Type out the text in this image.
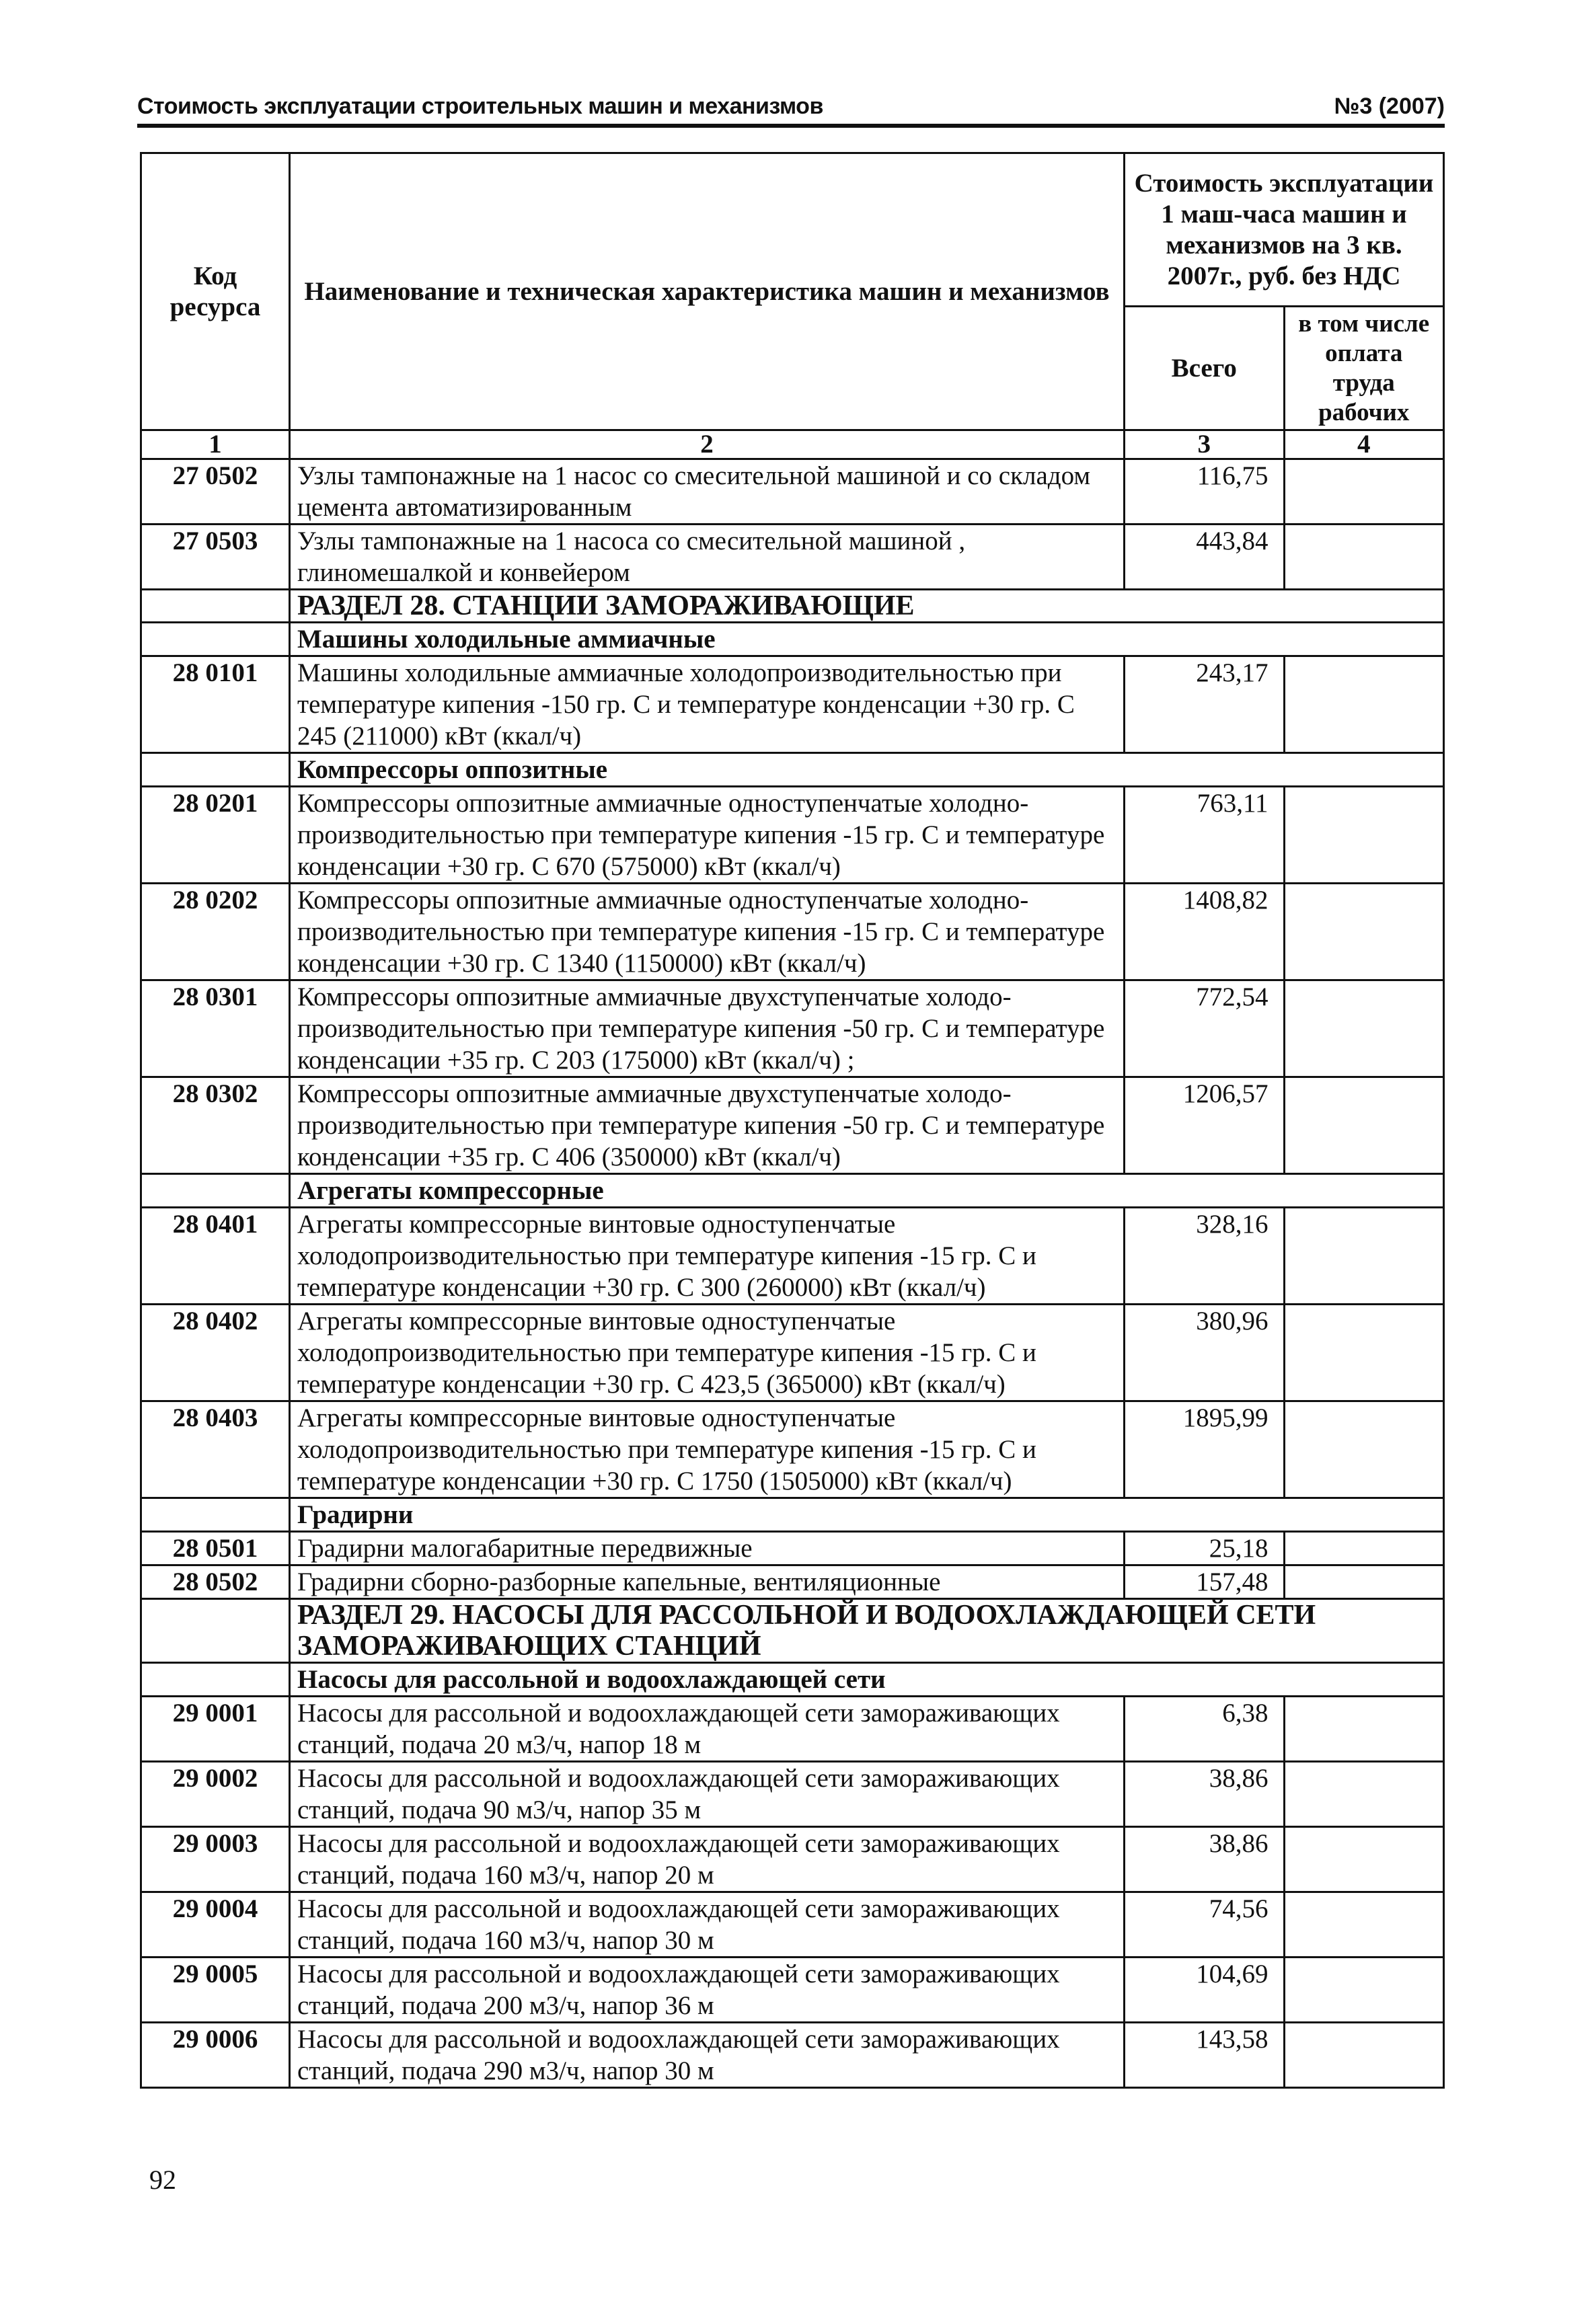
Стоимость эксплуатации строительных машин и механизмов	№3 (2007)
Код ресурса	Наименование и техническая характеристика машин и механизмов	Стоимость эксплуатации 1 маш-часа машин и механизмов на 3 кв. 2007г., руб. без НДС	
		Всего	в том числе оплата труда рабочих
1	2	3	4
27 0502	Узлы тампонажные на 1 насос со смесительной машиной и со складом цемента автоматизированным	116,75	
27 0503	Узлы тампонажные на 1 насоса со смесительной машиной , глиномешалкой и конвейером	443,84	
	РАЗДЕЛ 28. СТАНЦИИ ЗАМОРАЖИВАЮЩИЕ		
	Машины холодильные аммиачные		
28 0101	Машины холодильные аммиачные холодопроизводительностью при температуре кипения -150 гр. С и температуре конденсации +30 гр. С 245 (211000) кВт (ккал/ч)	243,17	
	Компрессоры оппозитные		
28 0201	Компрессоры оппозитные аммиачные одноступенчатые холодно-производительностью при температуре кипения -15 гр. С и температуре конденсации +30 гр. С 670 (575000) кВт (ккал/ч)	763,11	
28 0202	Компрессоры оппозитные аммиачные одноступенчатые холодно-производительностью при температуре кипения -15 гр. С и температуре конденсации +30 гр. С 1340 (1150000) кВт (ккал/ч)	1408,82	
28 0301	Компрессоры оппозитные аммиачные двухступенчатые холодо-производительностью при температуре кипения -50 гр. С и температуре конденсации +35 гр. С 203 (175000) кВт (ккал/ч) ;	772,54	
28 0302	Компрессоры оппозитные аммиачные двухступенчатые холодо-производительностью при температуре кипения -50 гр. С и температуре конденсации +35 гр. С 406 (350000) кВт (ккал/ч)	1206,57	
	Агрегаты компрессорные		
28 0401	Агрегаты компрессорные винтовые одноступенчатые холодопроизводительностью при температуре кипения -15 гр. С и температуре конденсации +30 гр. С 300 (260000) кВт (ккал/ч)	328,16	
28 0402	Агрегаты компрессорные винтовые одноступенчатые холодопроизводительностью при температуре кипения -15 гр. С и температуре конденсации +30 гр. С 423,5 (365000) кВт (ккал/ч)	380,96	
28 0403	Агрегаты компрессорные винтовые одноступенчатые холодопроизводительностью при температуре кипения -15 гр. С и температуре конденсации +30 гр. С 1750 (1505000) кВт (ккал/ч)	1895,99	
	Градирни		
28 0501	Градирни малогабаритные передвижные	25,18	
28 0502	Градирни сборно-разборные капельные, вентиляционные	157,48	
	РАЗДЕЛ 29. НАСОСЫ ДЛЯ РАССОЛЬНОЙ И ВОДООХЛАЖДАЮЩЕЙ СЕТИ ЗАМОРАЖИВАЮЩИХ СТАНЦИЙ		
	Насосы для рассольной и водоохлаждающей сети		
29 0001	Насосы для рассольной и водоохлаждающей сети замораживающих станций, подача 20 м3/ч, напор 18 м	6,38	
29 0002	Насосы для рассольной и водоохлаждающей сети замораживающих станций, подача 90 м3/ч, напор 35 м	38,86	
29 0003	Насосы для рассольной и водоохлаждающей сети замораживающих станций, подача 160 м3/ч, напор 20 м	38,86	
29 0004	Насосы для рассольной и водоохлаждающей сети замораживающих станций, подача 160 м3/ч, напор 30 м	74,56	
29 0005	Насосы для рассольной и водоохлаждающей сети замораживающих станций, подача 200 м3/ч, напор 36 м	104,69	
29 0006	Насосы для рассольной и водоохлаждающей сети замораживающих станций, подача 290 м3/ч, напор 30 м	143,58	
92
